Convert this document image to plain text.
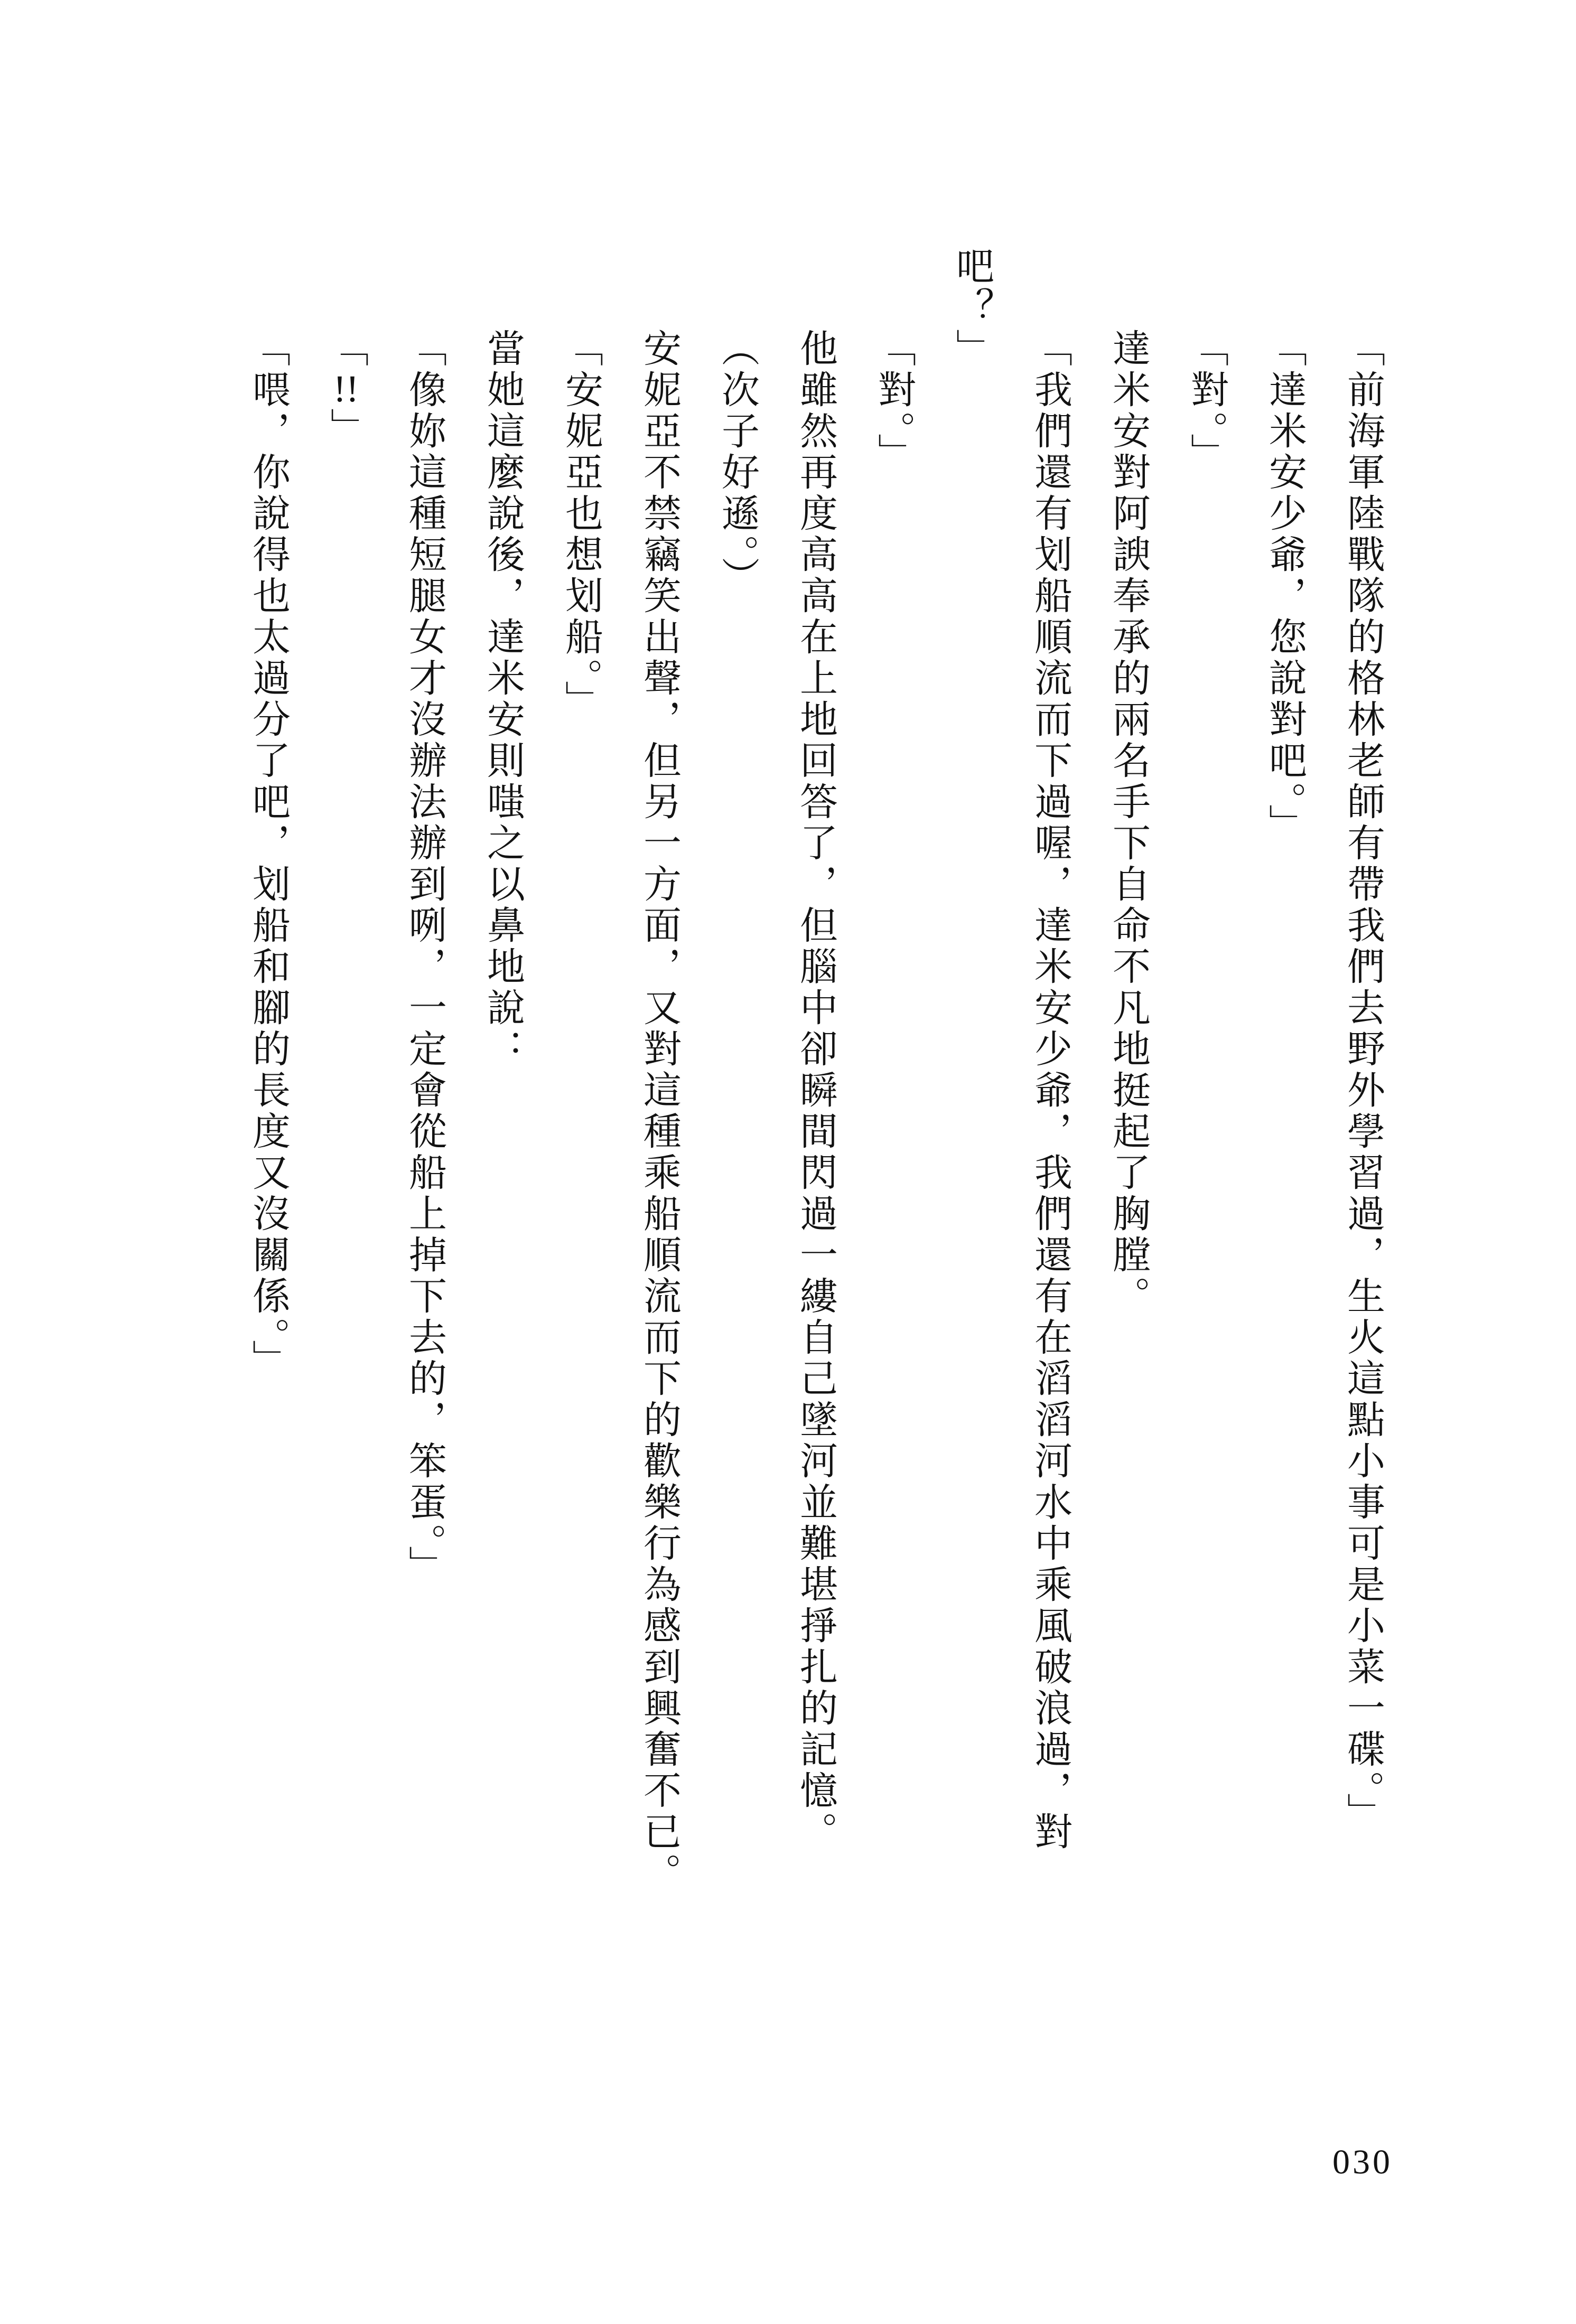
「前海軍陸戰隊的格林老師有帶我們去野外學習過，生火這點小事可是小菜一碟。」

「達米安少爺，您說對吧。」

「對。」

達米安對阿諛奉承的兩名手下自命不凡地挺起了胸膛。

「我們還有划船順流而下過喔，達米安少爺，我們還有在滔滔河水中乘風破浪過，對吧？」

「對。」

他雖然再度高高在上地回答了，但腦中卻瞬間閃過一縷自己墜河並難堪掙扎的記憶。

（次子好遜。）

安妮亞不禁竊笑出聲，但另一方面，又對這種乘船順流而下的歡樂行為感到興奮不已。

「安妮亞也想划船。」

當她這麼說後，達米安則嗤之以鼻地說：

「像妳這種短腿女才沒辦法辦到咧，一定會從船上掉下去的，笨蛋。」

「!!」

「喂，你說得也太過分了吧，划船和腳的長度又沒關係。」

030
